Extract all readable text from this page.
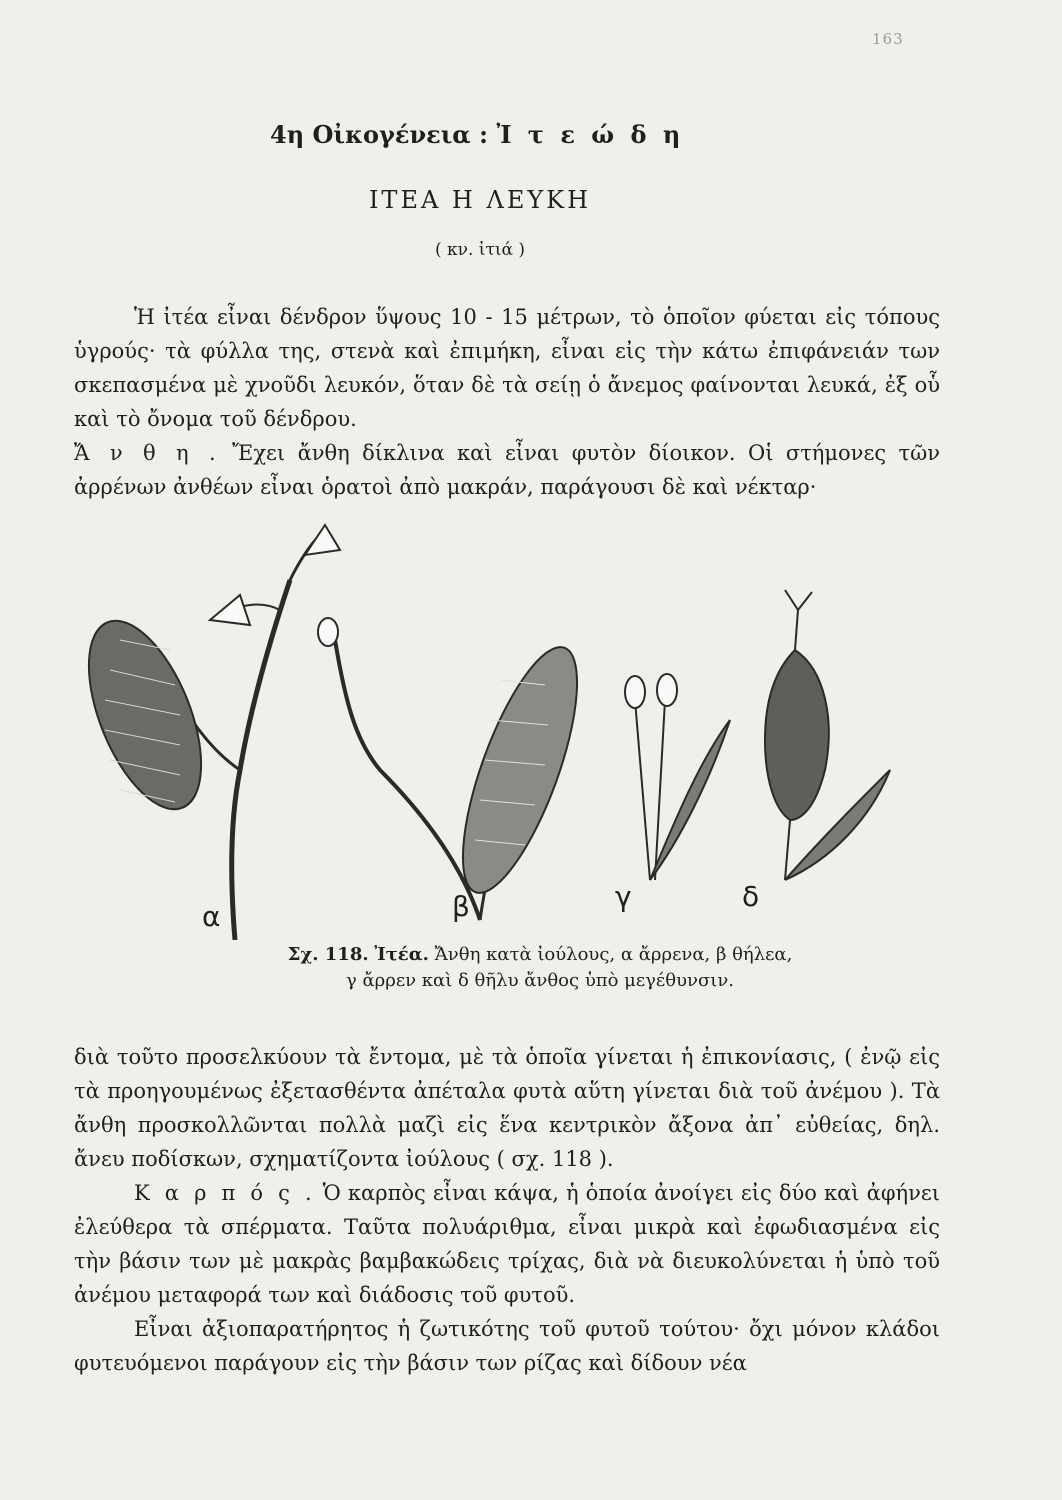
163
4η Οἰκογένεια : Ἰ τ ε ώ δ η
ΙΤΕΑ Η ΛΕΥΚΗ
( κν. ἰτιά )

Ἡ ἰτέα εἶναι δένδρον ὕψους 10 - 15 μέτρων, τὸ ὁποῖον φύεται εἰς τόπους ὑγρούς· τὰ φύλλα της, στενὰ καὶ ἐπιμήκη, εἶναι εἰς τὴν κάτω ἐπιφάνειάν των σκεπασμένα μὲ χνοῦδι λευκόν, ὅταν δὲ τὰ σείῃ ὁ ἄνεμος φαίνονται λευκά, ἐξ οὗ καὶ τὸ ὄνομα τοῦ δένδρου.

Ἄ ν θ η . Ἔχει ἄνθη δίκλινα καὶ εἶναι φυτὸν δίοικον. Οἱ στήμονες τῶν ἀρρένων ἀνθέων εἶναι ὁρατοὶ ἀπὸ μακράν, παράγουσι δὲ καὶ νέκταρ·

α	β	γ	δ
Σχ. 118. Ἰτέα. Ἄνθη κατὰ ἰούλους, α ἄρρενα, β θήλεα,
γ ἄρρεν καὶ δ θῆλυ ἄνθος ὑπὸ μεγέθυνσιν.

διὰ τοῦτο προσελκύουν τὰ ἔντομα, μὲ τὰ ὁποῖα γίνεται ἡ ἐπικονίασις, ( ἐνῷ εἰς τὰ προηγουμένως ἐξετασθέντα ἀπέταλα φυτὰ αὕτη γίνεται διὰ τοῦ ἀνέμου ). Τὰ ἄνθη προσκολλῶνται πολλὰ μαζὶ εἰς ἕνα κεντρικὸν ἄξονα ἀπ᾽ εὐθείας, δηλ. ἄνευ ποδίσκων, σχηματίζοντα ἰούλους ( σχ. 118 ).

Κ α ρ π ό ς . Ὁ καρπὸς εἶναι κάψα, ἡ ὁποία ἀνοίγει εἰς δύο καὶ ἀφήνει ἐλεύθερα τὰ σπέρματα. Ταῦτα πολυάριθμα, εἶναι μικρὰ καὶ ἐφωδιασμένα εἰς τὴν βάσιν των μὲ μακρὰς βαμβακώδεις τρίχας, διὰ νὰ διευκολύνεται ἡ ὑπὸ τοῦ ἀνέμου μεταφορά των καὶ διάδοσις τοῦ φυτοῦ.

Εἶναι ἀξιοπαρατήρητος ἡ ζωτικότης τοῦ φυτοῦ τούτου· ὄχι μόνον κλάδοι φυτευόμενοι παράγουν εἰς τὴν βάσιν των ρίζας καὶ δίδουν νέα
